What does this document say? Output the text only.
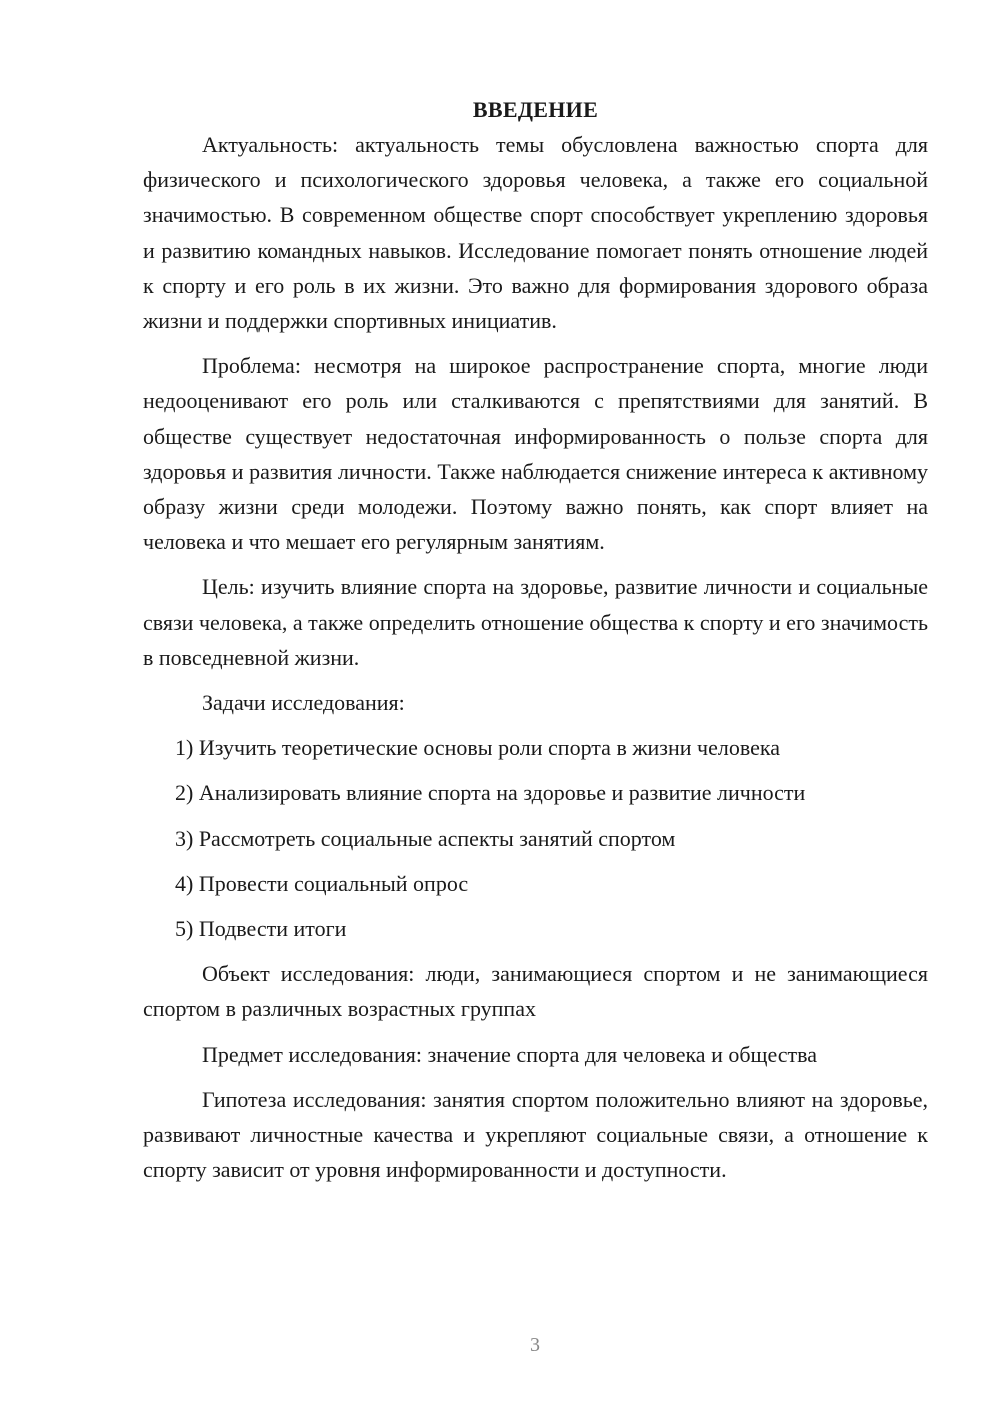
ВВЕДЕНИЕ

Актуальность: актуальность темы обусловлена важностью спорта для физического и психологического здоровья человека, а также его социальной значимостью. В современном обществе спорт способствует укреплению здоровья и развитию командных навыков. Исследование помогает понять отношение людей к спорту и его роль в их жизни. Это важно для формирования здорового образа жизни и поддержки спортивных инициатив.

Проблема: несмотря на широкое распространение спорта, многие люди недооценивают его роль или сталкиваются с препятствиями для занятий. В обществе существует недостаточная информированность о пользе спорта для здоровья и развития личности. Также наблюдается снижение интереса к активному образу жизни среди молодежи. Поэтому важно понять, как спорт влияет на человека и что мешает его регулярным занятиям.

Цель: изучить влияние спорта на здоровье, развитие личности и социальные связи человека, а также определить отношение общества к спорту и его значимость в повседневной жизни.

Задачи исследования:

1) Изучить теоретические основы роли спорта в жизни человека
2) Анализировать влияние спорта на здоровье и развитие личности
3) Рассмотреть социальные аспекты занятий спортом
4) Провести социальный опрос
5) Подвести итоги

Объект исследования: люди, занимающиеся спортом и не занимающиеся спортом в различных возрастных группах

Предмет исследования: значение спорта для человека и общества

Гипотеза исследования: занятия спортом положительно влияют на здоровье, развивают личностные качества и укрепляют социальные связи, а отношение к спорту зависит от уровня информированности и доступности.

3
